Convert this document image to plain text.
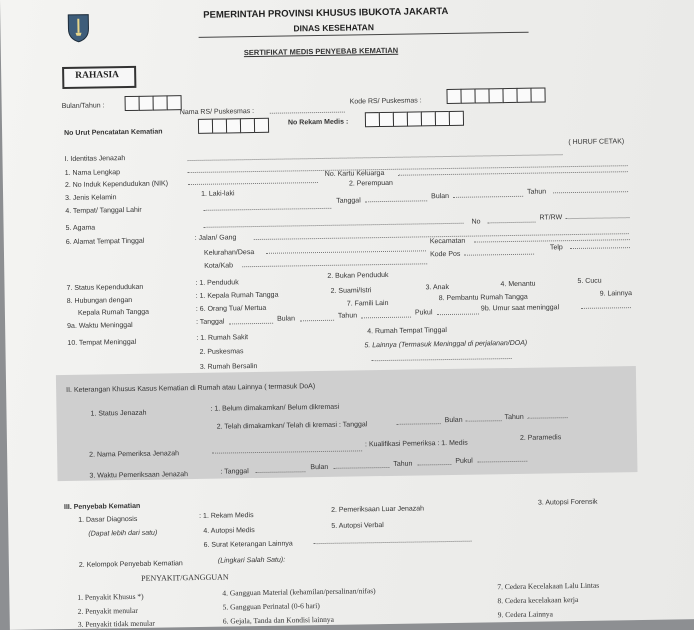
PEMERINTAH PROVINSI KHUSUS IBUKOTA JAKARTA
DINAS KESEHATAN
SERTIFIKAT MEDIS PENYEBAB KEMATIAN
RAHASIA
Bulan/Tahun :
Nama RS/ Puskesmas :
Kode RS/ Puskesmas :
No Urut Pencatatan Kematian
No Rekam Medis :
I. Identitas Jenazah
( HURUF CETAK)
1. Nama Lengkap
2. No Induk Kependudukan (NIK)
No. Kartu Keluarga
3. Jenis Kelamin
1. Laki-laki
2. Perempuan
4. Tempat/ Tanggal Lahir
Tanggal
Bulan
Tahun
5. Agama
No
RT/RW
6. Alamat Tempat Tinggal	: Jalan/ Gang	Kecamatan
Kelurahan/Desa	Kode Pos
Telp
Kota/Kab
7. Status Kependudukan
: 1. Penduduk
2. Bukan Penduduk
8. Hubungan dengan
Kepala Rumah Tangga
: 1. Kepala Rumah Tangga
2. Suami/Istri	3. Anak	4. Menantu	5. Cucu
: 6. Orang Tua/ Mertua
7. Famili Lain
8. Pembantu Rumah Tangga	9. Lainnya
9a. Waktu Meninggal	: Tanggal	Bulan	Tahun	Pukul
9b. Umur saat meninggal
10. Tempat Meninggal
: 1. Rumah Sakit
2. Puskesmas
3. Rumah Bersalin
4. Rumah Tempat Tinggal
5. Lainnya (Termasuk Meninggal di perjalanan/DOA)
II. Keterangan Khusus Kasus Kematian di Rumah atau Lainnya ( termasuk DoA)
1. Status Jenazah
: 1. Belum dimakamkan/ Belum dikremasi
2. Telah dimakamkan/ Telah di kremasi : Tanggal
Bulan	Tahun
2. Nama Pemeriksa Jenazah
: Kualifikasi Pemeriksa : 1. Medis
2. Paramedis
3. Waktu Pemeriksaan Jenazah	: Tanggal
Bulan	Tahun	Pukul
III. Penyebab Kematian
1. Dasar Diagnosis
(Dapat lebih dari satu)
: 1. Rekam Medis
2. Pemeriksaan Luar Jenazah
3. Autopsi Forensik
4. Autopsi Medis
5. Autopsi Verbal
6. Surat Keterangan Lainnya
2. Kelompok Penyebab Kematian	(Lingkari Salah Satu):
PENYAKIT/GANGGUAN
1. Penyakit Khusus *)
2. Penyakit menular
3. Penyakit tidak menular
4. Gangguan Material (kehamilan/persalinan/nifas)
5. Gangguan Perinatal (0-6 hari)
6. Gejala, Tanda dan Kondisi lainnya
7. Cedera Kecelakaan Lalu Lintas
8. Cedera kecelakaan kerja
9. Cedera Lainnya
